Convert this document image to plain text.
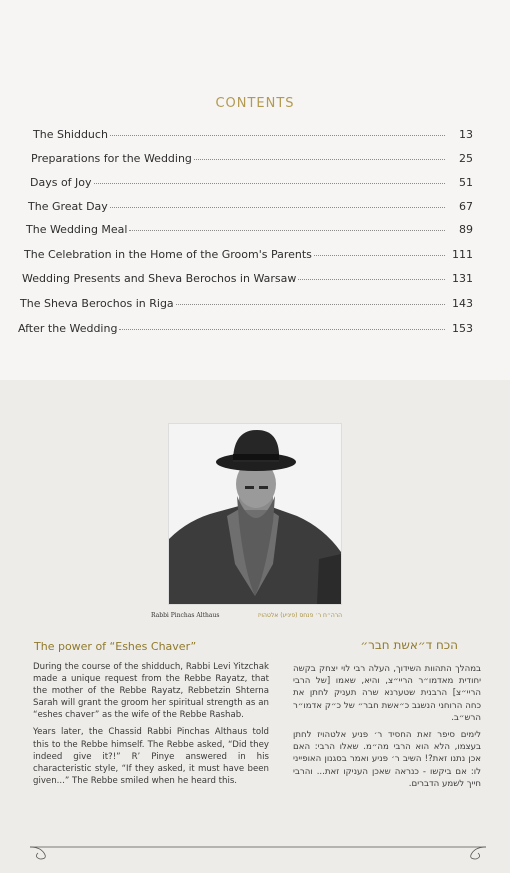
CONTENTS
The Shidduch	13
Preparations for the Wedding	25
Days of Joy	51
The Great Day	67
The Wedding Meal	89
The Celebration in the Home of the Groom's Parents	111
Wedding Presents and Sheva Berochos in Warsaw	131
The Sheva Berochos in Riga	143
After the Wedding	153
Rabbi Pinchas Althaus	הרה״ח ר׳ פנחס (פיניע) אלטהויז
The power of “Eshes Chaver”	הכח ד״אשת חבר״

During the course of the shidduch, Rabbi Levi Yitzchak made a unique request from the Rebbe Rayatz, that the mother of the Rebbe Rayatz, Rebbetzin Shterna Sarah will grant the groom her spiritual strength as an “eshes chaver” as the wife of the Rebbe Rashab.

Years later, the Chassid Rabbi Pinchas Althaus told this to the Rebbe himself. The Rebbe asked, “Did they indeed give it?!” R’ Pinye answered in his characteristic style, “If they asked, it must have been given...” The Rebbe smiled when he heard this.

במהלך התהוות השידוך, העלה רבי לוי יצחק בקשה יחודית מאדמו״ר הריי״צ, והיא, שאמו [של הרבי הריי״צ] הרבנית שטערנא שרה תעניק לחתן את כחה הרוחני הנשגב כ״אשת חבר״ של כ״ק אדמו״ר הרש״ב.

לימים סיפר זאת החסיד ר׳ פניע אלטהויז לחתן בעצמו, הלא הוא הרבי מה״מ. שאלו הרבי: האם אכן נתנו זאת?! השיב ר׳ פניע ואמר בסגנון האופייני לו: אם ביקשו - כנראה שאכן העניקו זאת... והרבי חייך לשמע הדברים.
